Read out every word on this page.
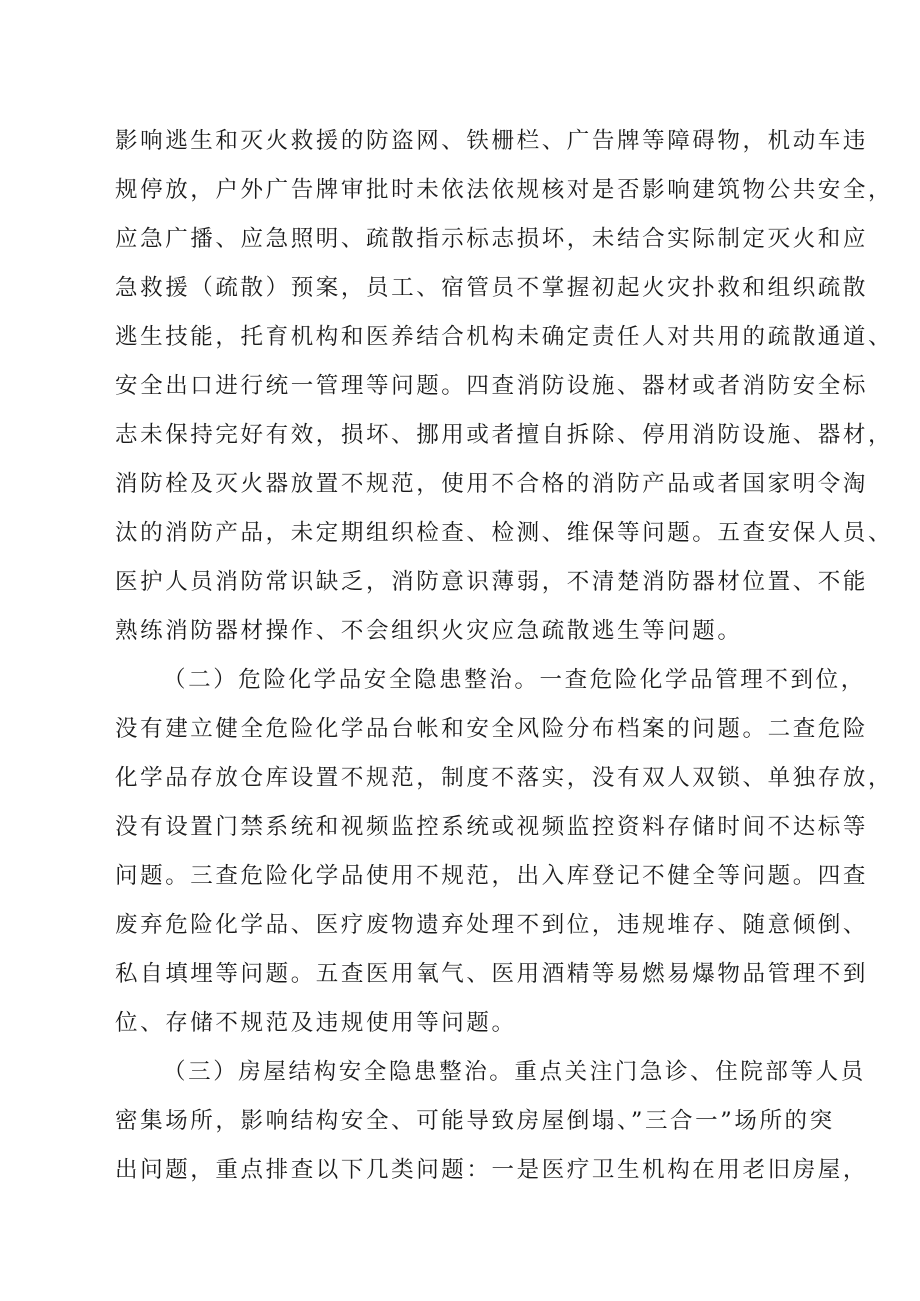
影响逃生和灭火救援的防盗网、铁栅栏、广告牌等障碍物，机动车违
规停放，户外广告牌审批时未依法依规核对是否影响建筑物公共安全，
应急广播、应急照明、疏散指示标志损坏，未结合实际制定灭火和应
急救援（疏散）预案，员工、宿管员不掌握初起火灾扑救和组织疏散
逃生技能，托育机构和医养结合机构未确定责任人对共用的疏散通道、
安全出口进行统一管理等问题。四查消防设施、器材或者消防安全标
志未保持完好有效，损坏、挪用或者擅自拆除、停用消防设施、器材，
消防栓及灭火器放置不规范，使用不合格的消防产品或者国家明令淘
汰的消防产品，未定期组织检查、检测、维保等问题。五查安保人员、
医护人员消防常识缺乏，消防意识薄弱，不清楚消防器材位置、不能
熟练消防器材操作、不会组织火灾应急疏散逃生等问题。
（二）危险化学品安全隐患整治。一查危险化学品管理不到位，
没有建立健全危险化学品台帐和安全风险分布档案的问题。二查危险
化学品存放仓库设置不规范，制度不落实，没有双人双锁、单独存放，
没有设置门禁系统和视频监控系统或视频监控资料存储时间不达标等
问题。三查危险化学品使用不规范，出入库登记不健全等问题。四查
废弃危险化学品、医疗废物遗弃处理不到位，违规堆存、随意倾倒、
私自填埋等问题。五查医用氧气、医用酒精等易燃易爆物品管理不到
位、存储不规范及违规使用等问题。
（三）房屋结构安全隐患整治。重点关注门急诊、住院部等人员
密集场所，影响结构安全、可能导致房屋倒塌、”三合一”场所的突
出问题，重点排查以下几类问题：一是医疗卫生机构在用老旧房屋，
